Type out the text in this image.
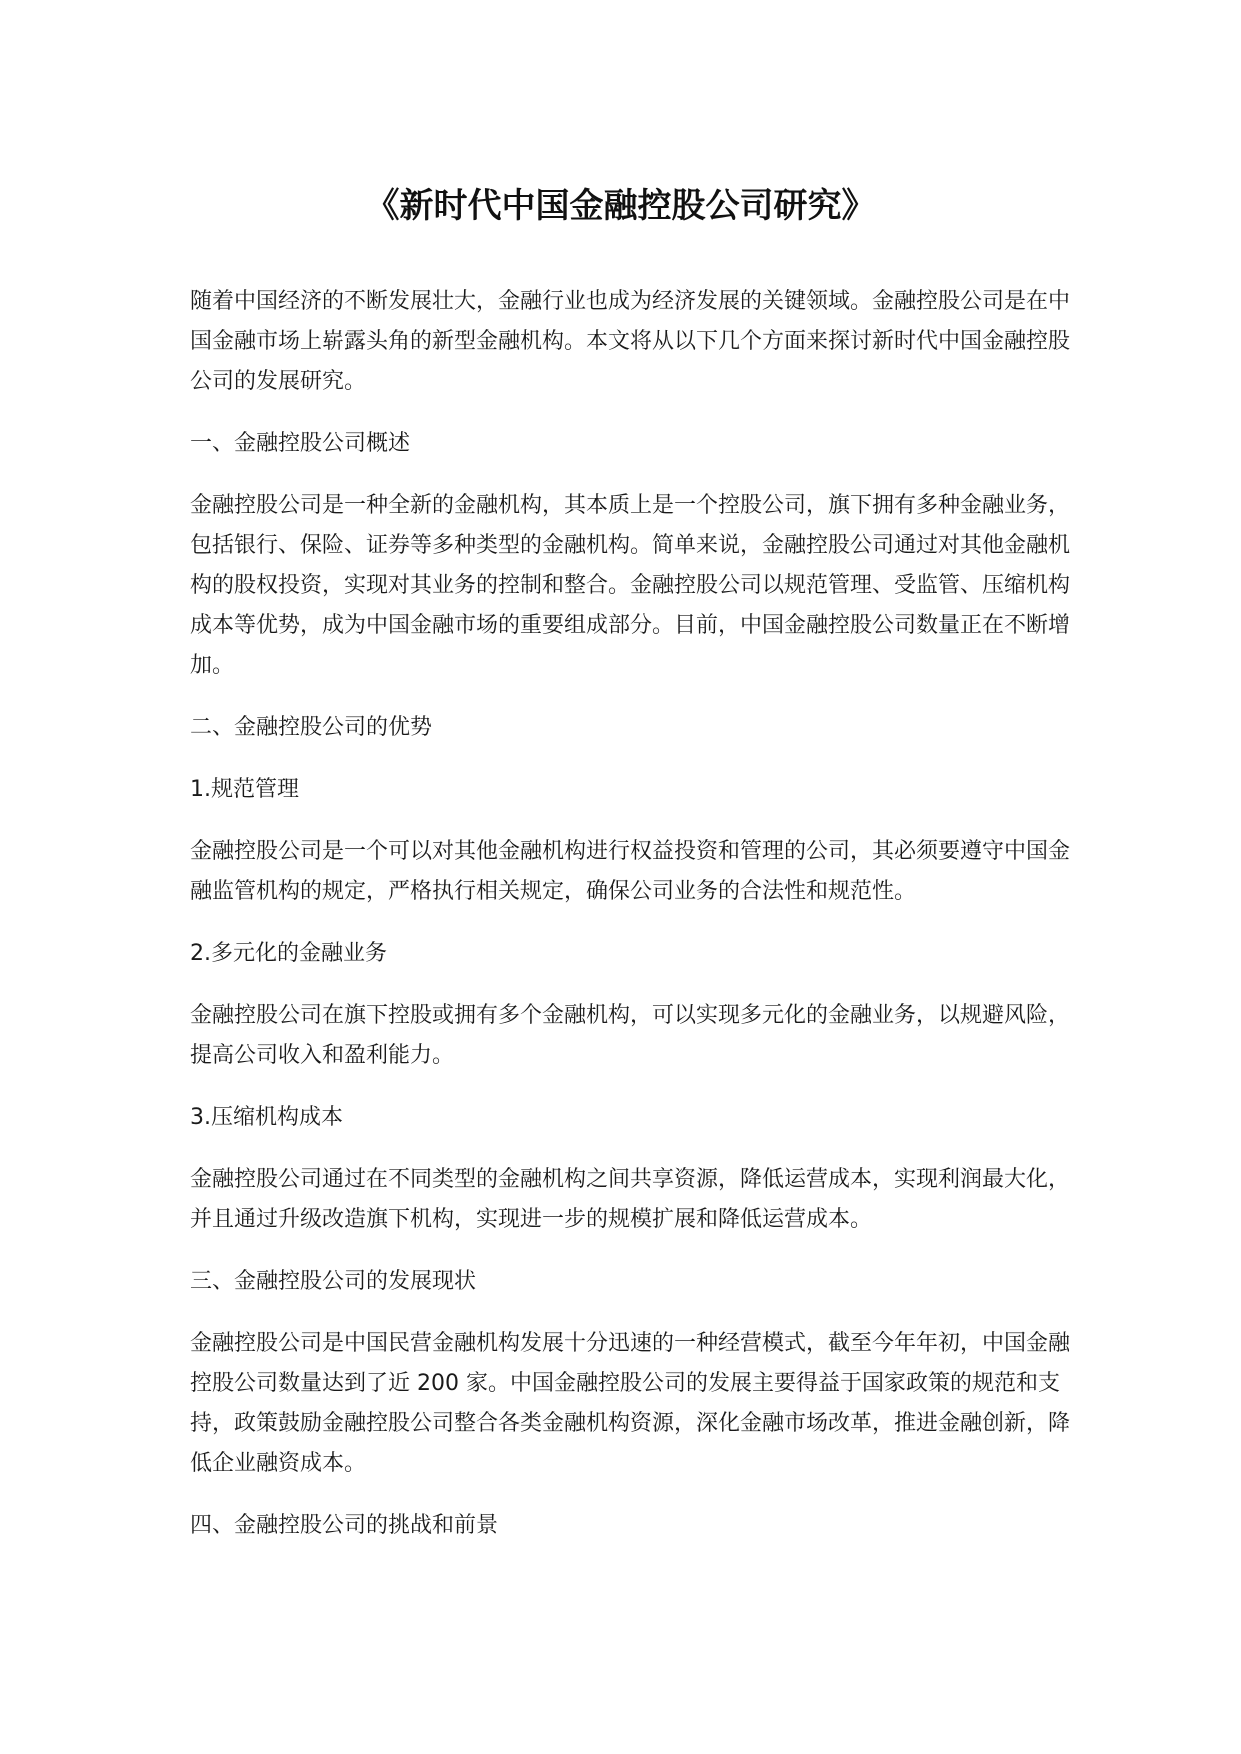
《新时代中国金融控股公司研究》

随着中国经济的不断发展壮大，金融行业也成为经济发展的关键领域。金融控股公司是在中国金融市场上崭露头角的新型金融机构。本文将从以下几个方面来探讨新时代中国金融控股公司的发展研究。

一、金融控股公司概述

金融控股公司是一种全新的金融机构，其本质上是一个控股公司，旗下拥有多种金融业务，包括银行、保险、证券等多种类型的金融机构。简单来说，金融控股公司通过对其他金融机构的股权投资，实现对其业务的控制和整合。金融控股公司以规范管理、受监管、压缩机构成本等优势，成为中国金融市场的重要组成部分。目前，中国金融控股公司数量正在不断增加。

二、金融控股公司的优势

1.规范管理

金融控股公司是一个可以对其他金融机构进行权益投资和管理的公司，其必须要遵守中国金融监管机构的规定，严格执行相关规定，确保公司业务的合法性和规范性。

2.多元化的金融业务

金融控股公司在旗下控股或拥有多个金融机构，可以实现多元化的金融业务，以规避风险，提高公司收入和盈利能力。

3.压缩机构成本

金融控股公司通过在不同类型的金融机构之间共享资源，降低运营成本，实现利润最大化，并且通过升级改造旗下机构，实现进一步的规模扩展和降低运营成本。

三、金融控股公司的发展现状

金融控股公司是中国民营金融机构发展十分迅速的一种经营模式，截至今年年初，中国金融控股公司数量达到了近 200 家。中国金融控股公司的发展主要得益于国家政策的规范和支持，政策鼓励金融控股公司整合各类金融机构资源，深化金融市场改革，推进金融创新，降低企业融资成本。

四、金融控股公司的挑战和前景
